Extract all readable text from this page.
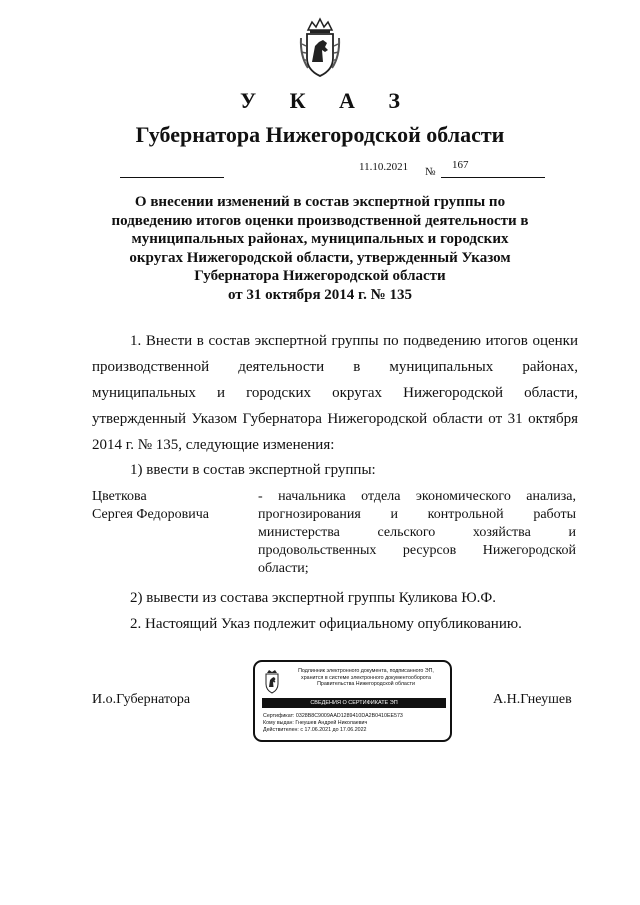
У К А З
Губернатора Нижегородской области
11.10.2021 №
167
О внесении изменений в состав экспертной группы по
подведению итогов оценки производственной деятельности в
муниципальных районах, муниципальных и городских
округах Нижегородской области, утвержденный Указом
Губернатора Нижегородской области
от 31 октября 2014 г. № 135
1. Внести в состав экспертной группы по подведению итогов оценки
производственной деятельности в муниципальных районах,
муниципальных и городских округах Нижегородской области,
утвержденный Указом Губернатора Нижегородской области от 31 октября
2014 г. № 135, следующие изменения:
1) ввести в состав экспертной группы:
Цветкова
Сергея Федоровича
- начальника отдела экономического анализа,
прогнозирования и контрольной работы
министерства сельского хозяйства и
продовольственных ресурсов Нижегородской
области;
2) вывести из состава экспертной группы Куликова Ю.Ф.
2. Настоящий Указ подлежит официальному опубликованию.
И.о.Губернатора	А.Н.Гнеушев
Подлинник электронного документа, подписанного ЭП,
хранится в системе электронного документооборота
Правительства Нижегородской области
СВЕДЕНИЯ О СЕРТИФИКАТЕ ЭП
Сертификат: 0328B8C9009AAD1289410DA2B0410EE573
Кому выдан: Гнеушев Андрей Николаевич
Действителен: с 17.06.2021 до 17.06.2022
